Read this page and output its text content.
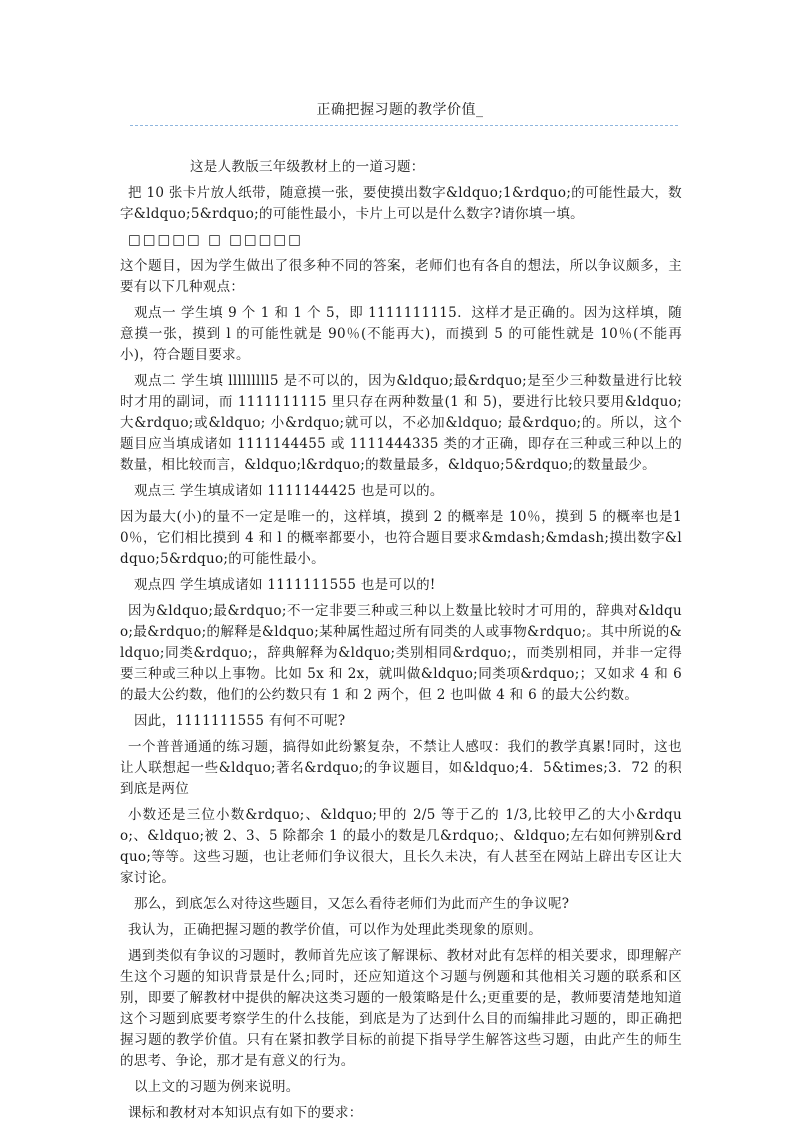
正确把握习题的教学价值_

这是人教版三年级教材上的一道习题：

把 10 张卡片放人纸带，随意摸一张，要使摸出数字&ldquo;1&rdquo;的可能性最大，数字&ldquo;5&rdquo;的可能性最小，卡片上可以是什么数字?请你填一填。

□□□□□ □ □□□□□

这个题目，因为学生做出了很多种不同的答案，老师们也有各自的想法，所以争议颇多，主要有以下几种观点：

观点一 学生填 9 个 1 和 1 个 5，即 1111111115．这样才是正确的。因为这样填，随意摸一张，摸到 l 的可能性就是 90％(不能再大)，而摸到 5 的可能性就是 10％(不能再小)，符合题目要求。

观点二 学生填 lllllllll5 是不可以的，因为&ldquo;最&rdquo;是至少三种数量进行比较时才用的副词，而 1111111115 里只存在两种数量(1 和 5)，要进行比较只要用&ldquo;大&rdquo;或&ldquo; 小&rdquo;就可以，不必加&ldquo; 最&rdquo;的。所以，这个题目应当填成诸如 1111144455 或 1111444335 类的才正确，即存在三种或三种以上的数量，相比较而言，&ldquo;l&rdquo;的数量最多，&ldquo;5&rdquo;的数量最少。

观点三 学生填成诸如 1111144425 也是可以的。

因为最大(小)的量不一定是唯一的，这样填，摸到 2 的概率是 10％，摸到 5 的概率也是10％，它们相比摸到 4 和 l 的概率都要小，也符合题目要求&mdash;&mdash;摸出数字&ldquo;5&rdquo;的可能性最小。

观点四 学生填成诸如 1111111555 也是可以的!

因为&ldquo;最&rdquo;不一定非要三种或三种以上数量比较时才可用的，辞典对&ldquo;最&rdquo;的解释是&ldquo;某种属性超过所有同类的人或事物&rdquo;。其中所说的&ldquo;同类&rdquo;，辞典解释为&ldquo;类别相同&rdquo;，而类别相同，并非一定得要三种或三种以上事物。比如 5x 和 2x，就叫做&ldquo;同类项&rdquo;；又如求 4 和 6 的最大公约数，他们的公约数只有 1 和 2 两个，但 2 也叫做 4 和 6 的最大公约数。

因此，1111111555 有何不可呢?

一个普普通通的练习题，搞得如此纷繁复杂，不禁让人感叹：我们的教学真累!同时，这也让人联想起一些&ldquo;著名&rdquo;的争议题目，如&ldquo;4．5&times;3．72 的积到底是两位

小数还是三位小数&rdquo;、&ldquo;甲的 2/5 等于乙的 1/3,比较甲乙的大小&rdquo;、&ldquo;被 2、3、5 除都余 1 的最小的数是几&rdquo;、&ldquo;左右如何辨别&rdquo;等等。这些习题，也让老师们争议很大，且长久未决，有人甚至在网站上辟出专区让大家讨论。

那么，到底怎么对待这些题目，又怎么看待老师们为此而产生的争议呢?

我认为，正确把握习题的教学价值，可以作为处理此类现象的原则。

遇到类似有争议的习题时，教师首先应该了解课标、教材对此有怎样的相关要求，即理解产生这个习题的知识背景是什么;同时，还应知道这个习题与例题和其他相关习题的联系和区别，即要了解教材中提供的解决这类习题的一般策略是什么;更重要的是，教师要清楚地知道这个习题到底要考察学生的什么技能，到底是为了达到什么目的而编排此习题的，即正确把握习题的教学价值。只有在紧扣教学目标的前提下指导学生解答这些习题，由此产生的师生的思考、争论，那才是有意义的行为。

以上文的习题为例来说明。

课标和教材对本知识点有如下的要求：
